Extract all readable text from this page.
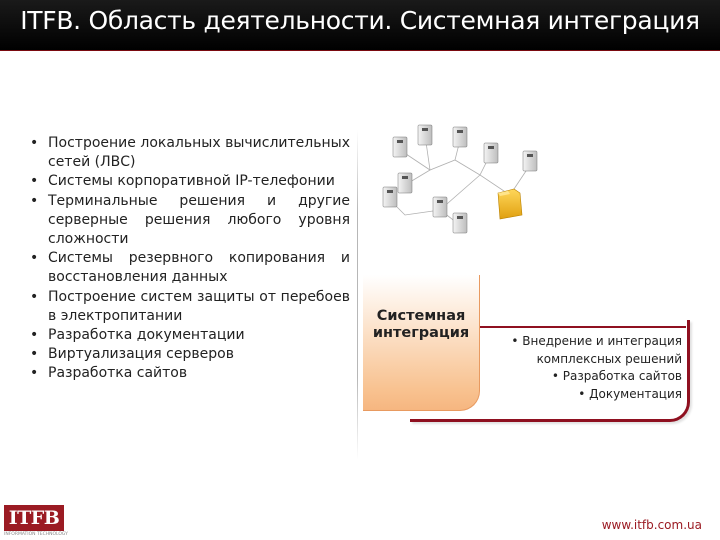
ITFB. Область деятельности. Системная интеграция
• Построение локальных вычислительных сетей (ЛВС)
• Системы корпоративной IP-телефонии
• Терминальные решения и другие серверные решения любого уровня сложности
• Системы резервного копирования и восстановления данных
• Построение систем защиты от перебоев в электропитании
• Разработка документации
• Виртуализация серверов
• Разработка сайтов
Системная
интеграция	• Внедрение и интеграция
комплексных решений
• Разработка сайтов
• Документация
ITFB
INFORMATION TECHNOLOGY
www.itfb.com.ua
